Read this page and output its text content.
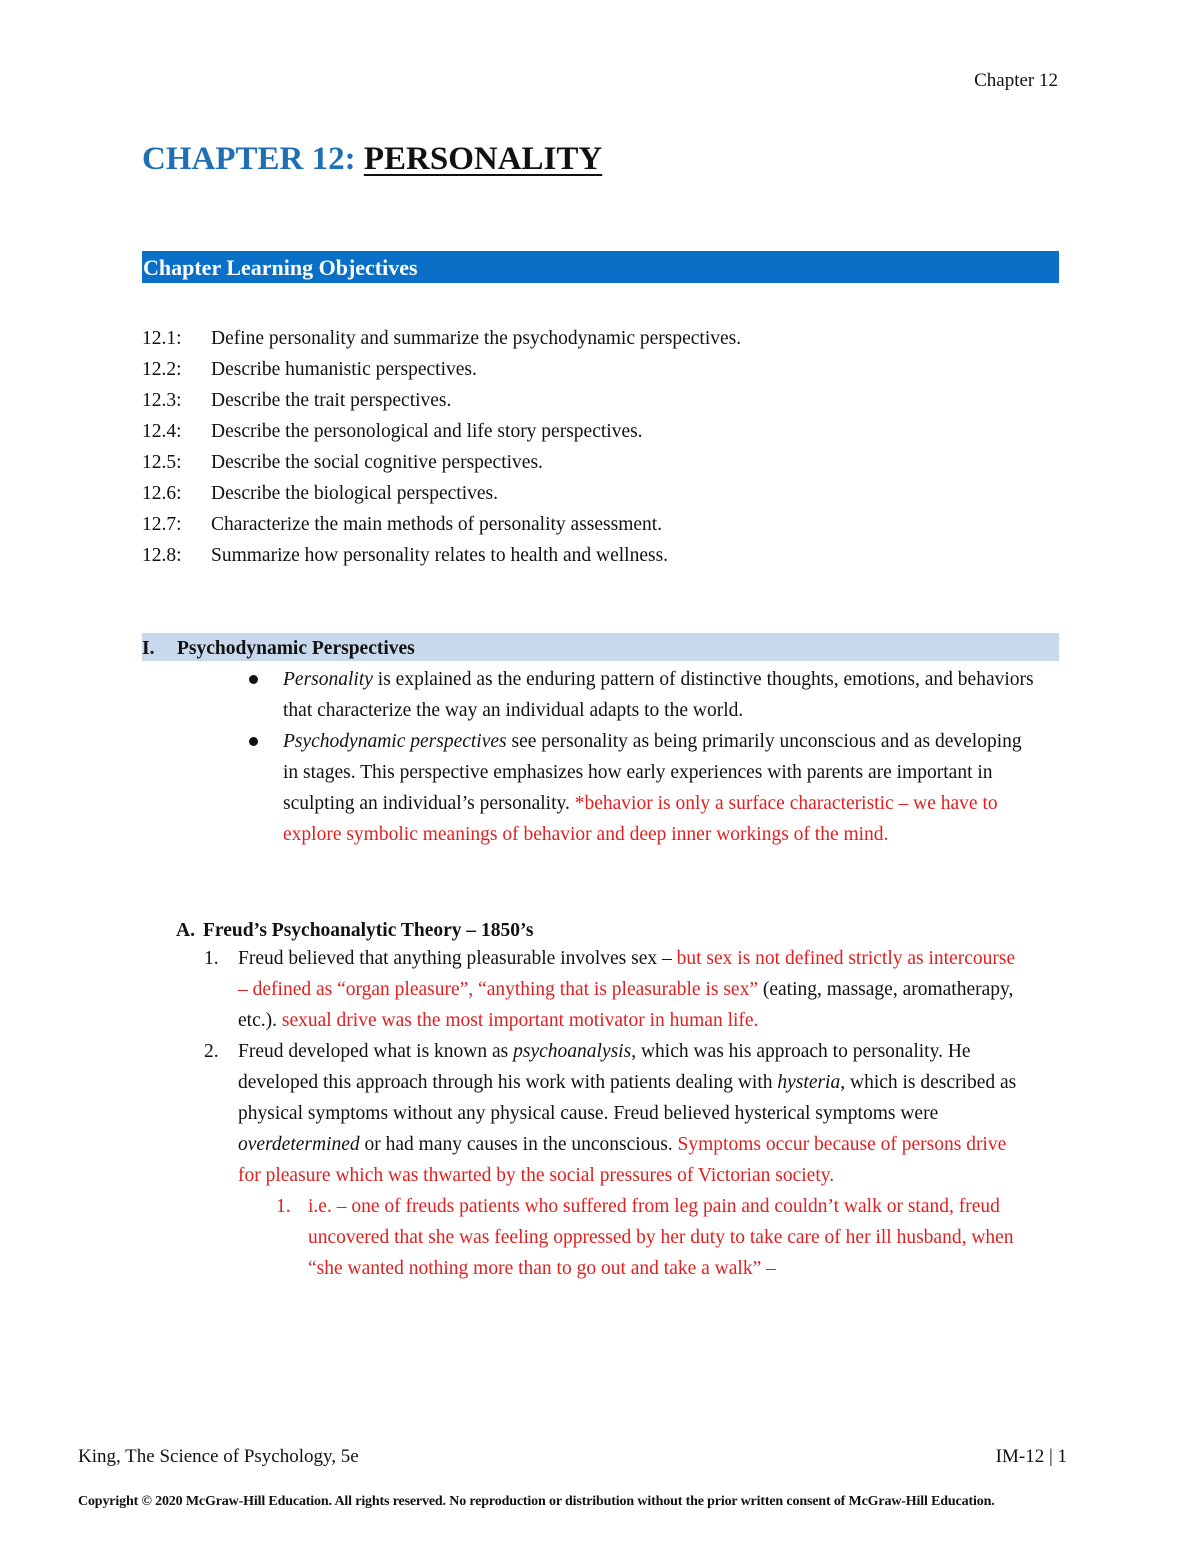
Chapter 12

CHAPTER 12: PERSONALITY
Chapter Learning Objectives
12.1:	Define personality and summarize the psychodynamic perspectives.
12.2:	Describe humanistic perspectives.
12.3:	Describe the trait perspectives.
12.4:	Describe the personological and life story perspectives.
12.5:	Describe the social cognitive perspectives.
12.6:	Describe the biological perspectives.
12.7:	Characterize the main methods of personality assessment.
12.8:	Summarize how personality relates to health and wellness.
I. Psychodynamic Perspectives
Personality is explained as the enduring pattern of distinctive thoughts, emotions, and behaviors that characterize the way an individual adapts to the world.
Psychodynamic perspectives see personality as being primarily unconscious and as developing in stages. This perspective emphasizes how early experiences with parents are important in sculpting an individual’s personality. *behavior is only a surface characteristic – we have to explore symbolic meanings of behavior and deep inner workings of the mind.
A. Freud’s Psychoanalytic Theory – 1850’s
1. Freud believed that anything pleasurable involves sex – but sex is not defined strictly as intercourse – defined as “organ pleasure”, “anything that is pleasurable is sex” (eating, massage, aromatherapy, etc.). sexual drive was the most important motivator in human life.
2. Freud developed what is known as psychoanalysis, which was his approach to personality. He developed this approach through his work with patients dealing with hysteria, which is described as physical symptoms without any physical cause. Freud believed hysterical symptoms were overdetermined or had many causes in the unconscious. Symptoms occur because of persons drive for pleasure which was thwarted by the social pressures of Victorian society.
1. i.e. – one of freuds patients who suffered from leg pain and couldn’t walk or stand, freud uncovered that she was feeling oppressed by her duty to take care of her ill husband, when “she wanted nothing more than to go out and take a walk” –

King, The Science of Psychology, 5e	IM-12 | 1

Copyright © 2020 McGraw-Hill Education. All rights reserved. No reproduction or distribution without the prior written consent of McGraw-Hill Education.
